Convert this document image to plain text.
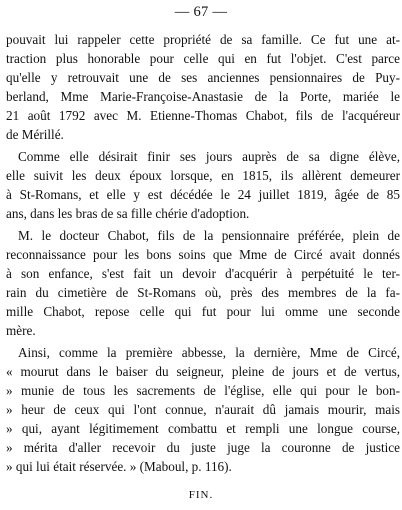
— 67 —
pouvait lui rappeler cette propriété de sa famille. Ce fut une at-
traction plus honorable pour celle qui en fut l'objet. C'est parce
qu'elle y retrouvait une de ses anciennes pensionnaires de Puy-
berland, Mme Marie-Françoise-Anastasie de la Porte, mariée le
21 août 1792 avec M. Etienne-Thomas Chabot, fils de l'acquéreur
de Mérillé.
Comme elle désirait finir ses jours auprès de sa digne élève,
elle suivit les deux époux lorsque, en 1815, ils allèrent demeurer
à St-Romans, et elle y est décédée le 24 juillet 1819, âgée de 85
ans, dans les bras de sa fille chérie d'adoption.
M. le docteur Chabot, fils de la pensionnaire préférée, plein de
reconnaissance pour les bons soins que Mme de Circé avait donnés
à son enfance, s'est fait un devoir d'acquérir à perpétuité le ter-
rain du cimetière de St-Romans où, près des membres de la fa-
mille Chabot, repose celle qui fut pour lui omme une seconde
mère.
Ainsi, comme la première abbesse, la dernière, Mme de Circé,
« mourut dans le baiser du seigneur, pleine de jours et de vertus,
» munie de tous les sacrements de l'église, elle qui pour le bon-
» heur de ceux qui l'ont connue, n'aurait dû jamais mourir, mais
» qui, ayant légitimement combattu et rempli une longue course,
» mérita d'aller recevoir du juste juge la couronne de justice
» qui lui était réservée. » (Maboul, p. 116).
FIN.
